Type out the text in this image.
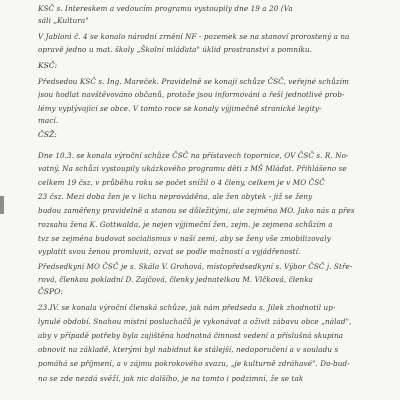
KSČ s. Intereskem a vedoucím programu vystoupily dne 19 a 20 (Va
sáli „Kultura"
V Jabloni č. 4 se konalo národní zrnění NF - pozemek se na stanoví prorostený a na
opravě jedno u mat. školy „Školní mláďata" úklid prostranství s pomníku.
KSČ:
Předsedou KSČ s. Ing. Mareček. Pravidelně se konají schůze ČSČ, veřejné schůzím
jsou hodlat navštěvováno občanů, protože jsou informováni a řeší jednotlivé prob-
lémy vyplývající se obce. V tomto roce se konaly výjimečně stranické legity-
mací.
ČSŽ:
Dne 10.3. se konala výroční schůze ČSČ na přístavech topornice, OV ČSČ s. R. No-
vatný. Na schůzi vystoupily ukázkového programu děti z MŠ Mláďat. Přihlášeno se
celkem 19 čsz, v průběhu roku se počet snížil o 4 členy, celkem je v MO ČSČ
23 čsz. Mezi doba žen je v lichu neprováděna, ale žen obytek - již se ženy
budou zaměřeny pravidelně a stanou se důležitými, ale zejména MO. Jako nás a přes
rozsahu žena K. Gottwalda, je nejen výjimeční žen, zejm. je zejmena schůzím a
tvz se zejména budovat socialismus v naší zemi, aby se ženy vše zmobilizovaly
vyplatit svou ženou promluvit, ozvat se podle možností a vyjádřeností.
Předsedkyní MO ČSČ je s. Skála V. Grohová, místopředsedkyní s. Výbor ČSČ j. Stře-
rová, členkou pokladní D. Zajčová, členky jednatelkou M. Vlčková, členka
ČSPO:
23.IV. se konala výroční členská schůze, jak nám předseda s. Jilek zhodnotil up-
lynulé období. Snahou místní posluchačů je vykonávat a oživit zábavu obce „nálad",
aby v případě potřeby byla zajištěna hodnotná činnost vedení a příslušná skupina
obnovit na základě, kterými byl nabídnut ke stálejší, nedoporučení a v souladu s
pomáhá se příjmení, a v zájmu pokrokového svazu, „je kulturně zdráhavé". Do-bud-
no se zde nezdá svěží, jak nic dalšího, je na tomto i podzimní, že se tak
